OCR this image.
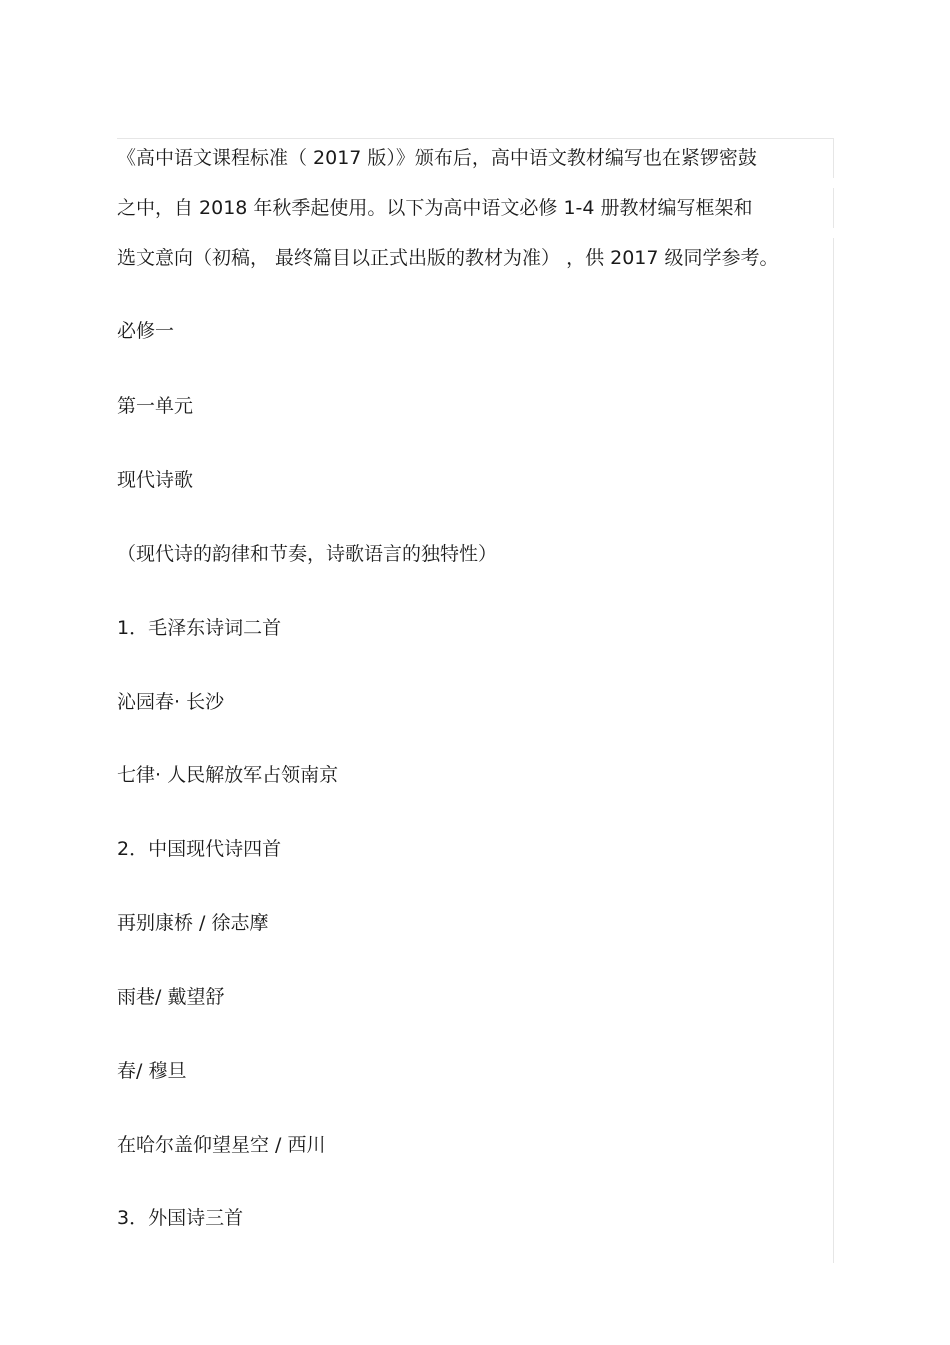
《高中语文课程标准（ 2017 版）》颁布后，高中语文教材编写也在紧锣密鼓
之中，自 2018 年秋季起使用。以下为高中语文必修 1-4 册教材编写框架和
选文意向（初稿， 最终篇目以正式出版的教材为准） ，供 2017 级同学参考。
必修一
第一单元
现代诗歌
（现代诗的韵律和节奏，诗歌语言的独特性）
1．毛泽东诗词二首
沁园春· 长沙
七律· 人民解放军占领南京
2．中国现代诗四首
再别康桥 / 徐志摩
雨巷/ 戴望舒
春/ 穆旦
在哈尔盖仰望星空 / 西川
3．外国诗三首
